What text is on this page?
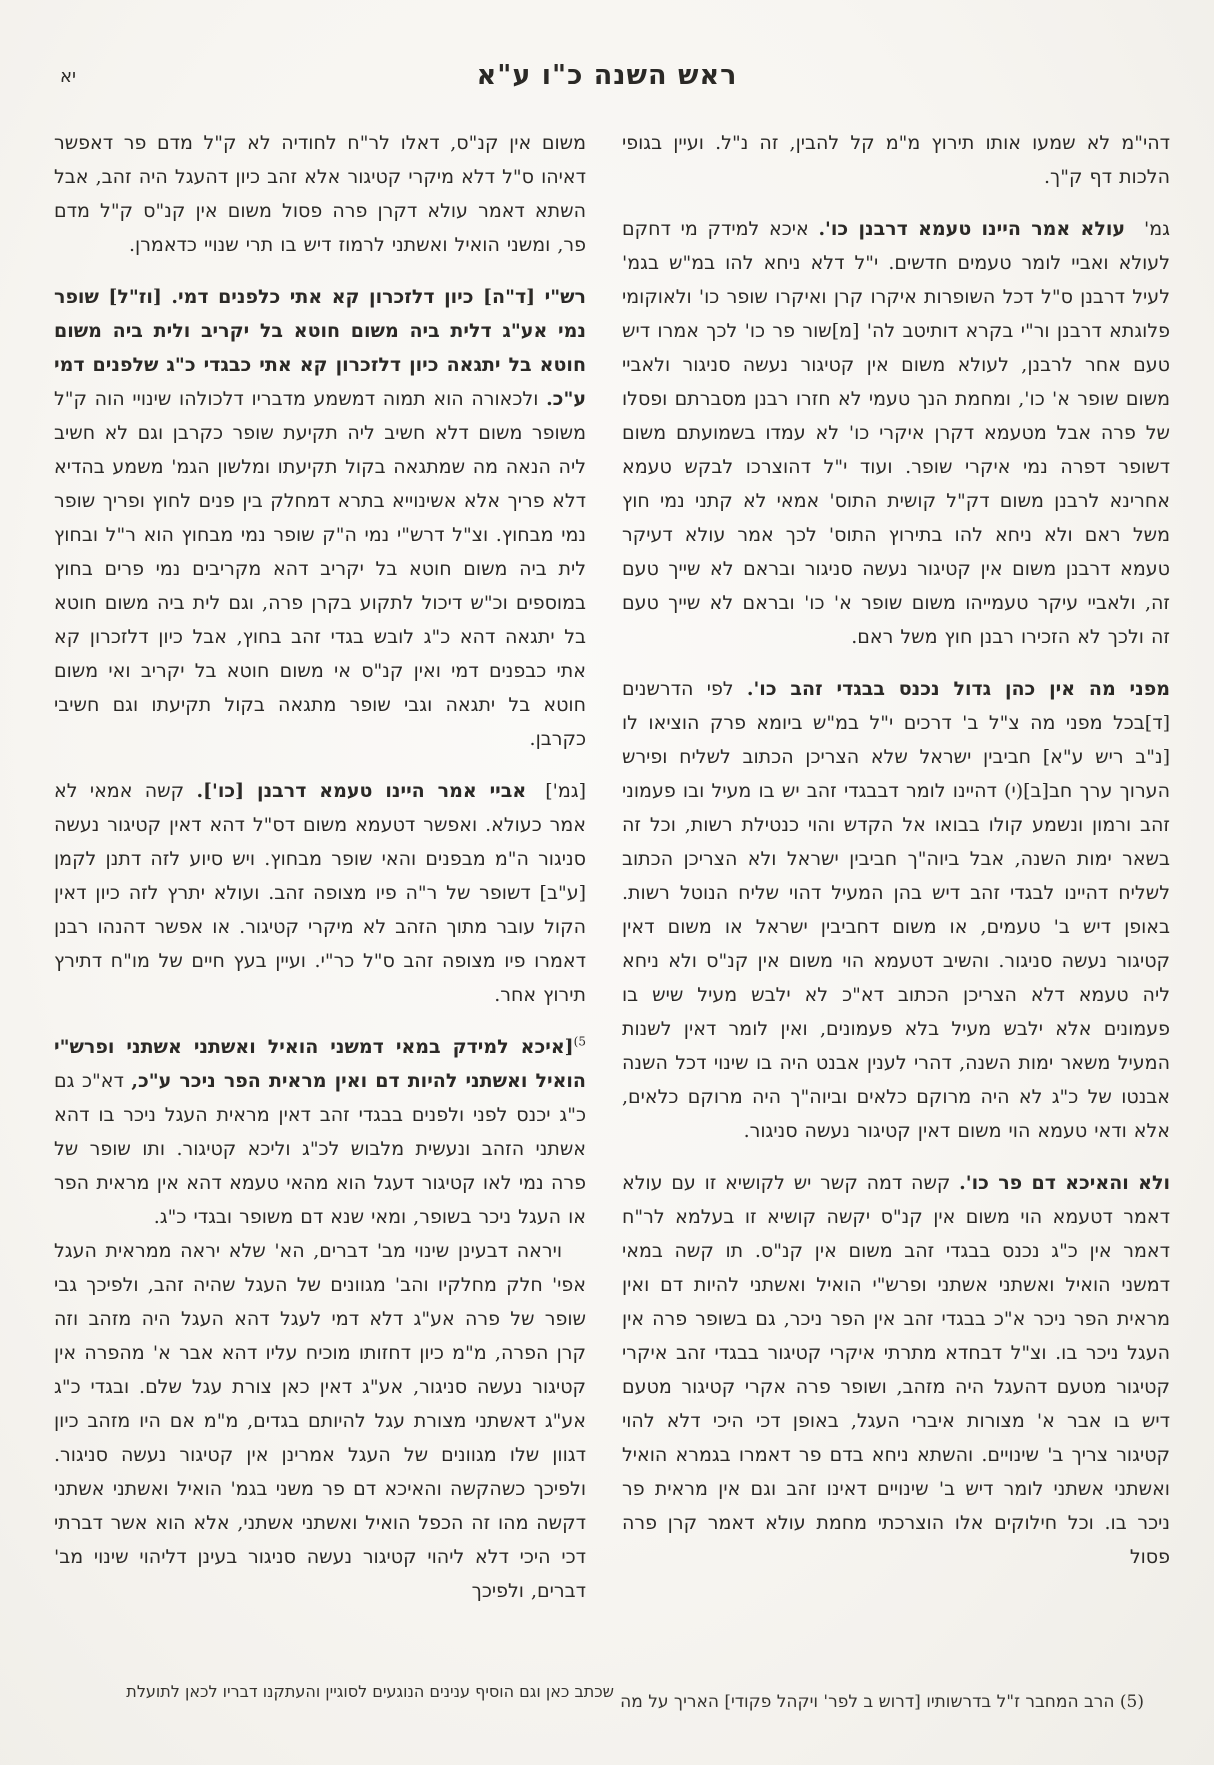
יא	ראש השנה כ"ו ע"א

דהי"מ לא שמעו אותו תירוץ מ"מ קל להבין, זה נ"ל. ועיין בגופי הלכות דף ק"ך.

גמ'  עולא אמר היינו טעמא דרבנן כו'. איכא למידק מי דחקם לעולא ואביי לומר טעמים חדשים. י"ל דלא ניחא להו במ"ש בגמ' לעיל דרבנן ס"ל דכל השופרות איקרו קרן ואיקרו שופר כו' ולאוקומי פלוגתא דרבנן ור"י בקרא דותיטב לה' [מ]שור פר כו' לכך אמרו דיש טעם אחר לרבנן, לעולא משום אין קטיגור נעשה סניגור ולאביי משום שופר א' כו', ומחמת הנך טעמי לא חזרו רבנן מסברתם ופסלו של פרה אבל מטעמא דקרן איקרי כו' לא עמדו בשמועתם משום דשופר דפרה נמי איקרי שופר. ועוד י"ל דהוצרכו לבקש טעמא אחרינא לרבנן משום דק"ל קושית התוס' אמאי לא קתני נמי חוץ משל ראם ולא ניחא להו בתירוץ התוס' לכך אמר עולא דעיקר טעמא דרבנן משום אין קטיגור נעשה סניגור ובראם לא שייך טעם זה, ולאביי עיקר טעמייהו משום שופר א' כו' ובראם לא שייך טעם זה ולכך לא הזכירו רבנן חוץ משל ראם.

מפני מה אין כהן גדול נכנס בבגדי זהב כו'. לפי הדרשנים [ד]בכל מפני מה צ"ל ב' דרכים י"ל במ"ש ביומא פרק הוציאו לו [נ"ב ריש ע"א] חביבין ישראל שלא הצריכן הכתוב לשליח ופירש הערוך ערך חב[ב](י) דהיינו לומר דבבגדי זהב יש בו מעיל ובו פעמוני זהב ורמון ונשמע קולו בבואו אל הקדש והוי כנטילת רשות, וכל זה בשאר ימות השנה, אבל ביוה"ך חביבין ישראל ולא הצריכן הכתוב לשליח דהיינו לבגדי זהב דיש בהן המעיל דהוי שליח הנוטל רשות. באופן דיש ב' טעמים, או משום דחביבין ישראל או משום דאין קטיגור נעשה סניגור. והשיב דטעמא הוי משום אין קנ"ס ולא ניחא ליה טעמא דלא הצריכן הכתוב דא"כ לא ילבש מעיל שיש בו פעמונים אלא ילבש מעיל בלא פעמונים, ואין לומר דאין לשנות המעיל משאר ימות השנה, דהרי לענין אבנט היה בו שינוי דכל השנה אבנטו של כ"ג לא היה מרוקם כלאים וביוה"ך היה מרוקם כלאים, אלא ודאי טעמא הוי משום דאין קטיגור נעשה סניגור.

ולא והאיכא דם פר כו'. קשה דמה קשר יש לקושיא זו עם עולא דאמר דטעמא הוי משום אין קנ"ס יקשה קושיא זו בעלמא לר"ח דאמר אין כ"ג נכנס בבגדי זהב משום אין קנ"ס. תו קשה במאי דמשני הואיל ואשתני אשתני ופרש"י הואיל ואשתני להיות דם ואין מראית הפר ניכר א"כ בבגדי זהב אין הפר ניכר, גם בשופר פרה אין העגל ניכר בו. וצ"ל דבחדא מתרתי איקרי קטיגור בבגדי זהב איקרי קטיגור מטעם דהעגל היה מזהב, ושופר פרה אקרי קטיגור מטעם דיש בו אבר א' מצורות איברי העגל, באופן דכי היכי דלא להוי קטיגור צריך ב' שינויים. והשתא ניחא בדם פר דאמרו בגמרא הואיל ואשתני אשתני לומר דיש ב' שינויים דאינו זהב וגם אין מראית פר ניכר בו. וכל חילוקים אלו הוצרכתי מחמת עולא דאמר קרן פרה פסול

משום אין קנ"ס, דאלו לר"ח לחודיה לא ק"ל מדם פר דאפשר דאיהו ס"ל דלא מיקרי קטיגור אלא זהב כיון דהעגל היה זהב, אבל השתא דאמר עולא דקרן פרה פסול משום אין קנ"ס ק"ל מדם פר, ומשני הואיל ואשתני לרמוז דיש בו תרי שנויי כדאמרן.

רש"י [ד"ה] כיון דלזכרון קא אתי כלפנים דמי. [וז"ל] שופר נמי אע"ג דלית ביה משום חוטא בל יקריב ולית ביה משום חוטא בל יתגאה כיון דלזכרון קא אתי כבגדי כ"ג שלפנים דמי ע"כ. ולכאורה הוא תמוה דמשמע מדבריו דלכולהו שינויי הוה ק"ל משופר משום דלא חשיב ליה תקיעת שופר כקרבן וגם לא חשיב ליה הנאה מה שמתגאה בקול תקיעתו ומלשון הגמ' משמע בהדיא דלא פריך אלא אשינוייא בתרא דמחלק בין פנים לחוץ ופריך שופר נמי מבחוץ. וצ"ל דרש"י נמי ה"ק שופר נמי מבחוץ הוא ר"ל ובחוץ לית ביה משום חוטא בל יקריב דהא מקריבים נמי פרים בחוץ במוספים וכ"ש דיכול לתקוע בקרן פרה, וגם לית ביה משום חוטא בל יתגאה דהא כ"ג לובש בגדי זהב בחוץ, אבל כיון דלזכרון קא אתי כבפנים דמי ואין קנ"ס אי משום חוטא בל יקריב ואי משום חוטא בל יתגאה וגבי שופר מתגאה בקול תקיעתו וגם חשיבי כקרבן.

[גמ']  אביי אמר היינו טעמא דרבנן [כו']. קשה אמאי לא אמר כעולא. ואפשר דטעמא משום דס"ל דהא דאין קטיגור נעשה סניגור ה"מ מבפנים והאי שופר מבחוץ. ויש סיוע לזה דתנן לקמן [ע"ב] דשופר של ר"ה פיו מצופה זהב. ועולא יתרץ לזה כיון דאין הקול עובר מתוך הזהב לא מיקרי קטיגור. או אפשר דהנהו רבנן דאמרו פיו מצופה זהב ס"ל כר"י. ועיין בעץ חיים של מו"ח דתירץ תירוץ אחר.

$^{(5}$[איכא למידק במאי דמשני הואיל ואשתני אשתני ופרש"י הואיל ואשתני להיות דם ואין מראית הפר ניכר ע"כ, דא"כ גם כ"ג יכנס לפני ולפנים בבגדי זהב דאין מראית העגל ניכר בו דהא אשתני הזהב ונעשית מלבוש לכ"ג וליכא קטיגור. ותו שופר של פרה נמי לאו קטיגור דעגל הוא מהאי טעמא דהא אין מראית הפר או העגל ניכר בשופר, ומאי שנא דם משופר ובגדי כ"ג.

ויראה דבעינן שינוי מב' דברים, הא' שלא יראה ממראית העגל אפי' חלק מחלקיו והב' מגוונים של העגל שהיה זהב, ולפיכך גבי שופר של פרה אע"ג דלא דמי לעגל דהא העגל היה מזהב וזה קרן הפרה, מ"מ כיון דחזותו מוכיח עליו דהא אבר א' מהפרה אין קטיגור נעשה סניגור, אע"ג דאין כאן צורת עגל שלם. ובגדי כ"ג אע"ג דאשתני מצורת עגל להיותם בגדים, מ"מ אם היו מזהב כיון דגוון שלו מגוונים של העגל אמרינן אין קטיגור נעשה סניגור. ולפיכך כשהקשה והאיכא דם פר משני בגמ' הואיל ואשתני אשתני דקשה מהו זה הכפל הואיל ואשתני אשתני, אלא הוא אשר דברתי דכי היכי דלא ליהוי קטיגור נעשה סניגור בעינן דליהוי שינוי מב' דברים, ולפיכך

(5) הרב המחבר ז"ל בדרשותיו [דרוש ב לפר' ויקהל פקודי] האריך על מה
שכתב כאן וגם הוסיף ענינים הנוגעים לסוגיין והעתקנו דבריו לכאן לתועלת
